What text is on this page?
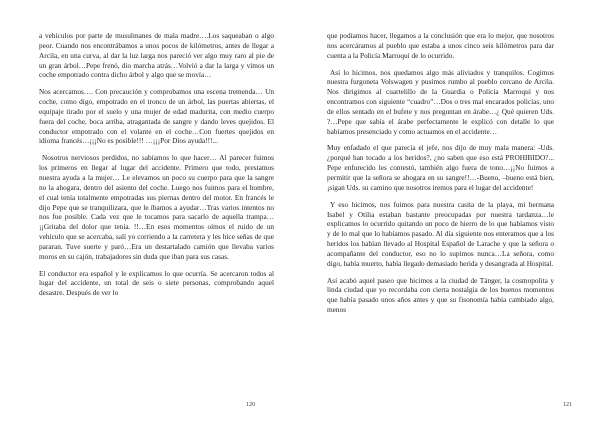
a vehículos por parte de musulmanes de mala madre….Los saqueaban o algo peor. Cuando nos encontrábamos a unos pocos de kilómetros, antes de llegar a Arcila, en una curva, al dar la luz larga nos pareció ver algo muy raro al pie de un gran árbol…Pepe frenó, dio marcha atrás…Volvió a dar la larga y vimos un coche empotrado contra dicho árbol y algo que se movía…

Nos acercamos…. Con precaución y comprobamos una escena tremenda… Un coche, como digo, empotrado en el tronco de un árbol, las puertas abiertas, el equipaje tirado por el suelo y una mujer de edad madurita, con medio cuerpo fuera del coche, boca arriba, atragantada de sangre y dando leves quejidos. El conductor empotrado con el volante en el coche…Con fuertes quejidos en idioma francés…¡¡¡No es posible!!! …¡¡¡Por Dios ayuda!!!...

Nosotros nerviosos perdidos, no sabíamos lo que hacer… Al parecer fuimos los primeros en llegar al lugar del accidente. Primero que todo, prestamos nuestra ayuda a la mujer… Le elevamos un poco su cuerpo para que la sangre no la ahogara, dentro del asiento del coche. Luego nos fuimos para el hombre, el cual tenía totalmente empotradas sus piernas dentro del motor. En francés le dijo Pepe que se tranquilizara, que le íbamos a ayudar…Tras varios intentos no nos fue posible. Cada vez que le tocamos para sacarlo de aquella trampa…¡¡Gritaba del dolor que tenía. !!…En esos momentos oímos el ruido de un vehículo que se acercaba, salí yo corriendo a la carretera y les hice señas de que pararan. Tuve suerte y paró…Era un destartalado camión que llevaba varios moros en su cajón, trabajadores sin duda que iban para sus casas.

El conductor era español y le explicamos lo que ocurría. Se acercaron todos al lugar del accidente, un total de seis o siete personas, comprobando aquel desastre. Después de ver lo

120

que podíamos hacer, llegamos a la conclusión que era lo mejor, que nosotros nos acercáramos al pueblo que estaba a unos cinco seis kilómetros para dar cuenta a la Policía Marroquí de lo ocurrido.

Así lo hicimos, nos quedamos algo más aliviados y tranquilos. Cogimos nuestra furgoneta Volswagen y pusimos rumbo al pueblo cercano de Arcila. Nos dirigimos al cuartelillo de la Guardia o Policía Marroquí y nos encontramos con siguiente “cuadro”…Dos o tres mal encarados policías, uno de ellos sentado en el bufete y nos preguntan en árabe…¿ Qué quieren Uds. ?…Pepe que sabía el árabe perfectamente le explicó con detalle lo que habíamos presenciado y como actuamos en el accidente…

Muy enfadado el que parecía el jefe, nos dijo de muy mala manera: -Uds. ¿porqué han tocado a los heridos?, ¿no saben que eso está PROHIBIDO?... Pepe enfurecido les contestó, también algo fuera de tono…¡¡No fuimos a permitir que la señora se ahogara en su sangre!!…-Bueno, –bueno está bien, ¡sigan Uds. su camino que nosotros iremos para el lugar del accidente!

Y eso hicimos, nos fuimos para nuestra casita de la playa, mi hermana Isabel y Otilia estaban bastante preocupadas por nuestra tardanza…le explicamos lo ocurrido quitando un poco de hierro de lo que habíamos visto y de lo mal que lo habíamos pasado. Al día siguiente nos enteramos que a los heridos los habían llevado al Hospital Español de Larache y que la señora o acompañante del conductor, eso no lo supimos nunca…La señora, como digo, había muerto, había llegado demasiado herida y desangrada al Hospital.

Así acabó aquel paseo que hicimos a la ciudad de Tánger, la cosmopolita y linda ciudad que yo recordaba con cierta nostalgia de los buenos momentos que había pasado unos años antes y que su fisonomía había cambiado algo, menos

121
